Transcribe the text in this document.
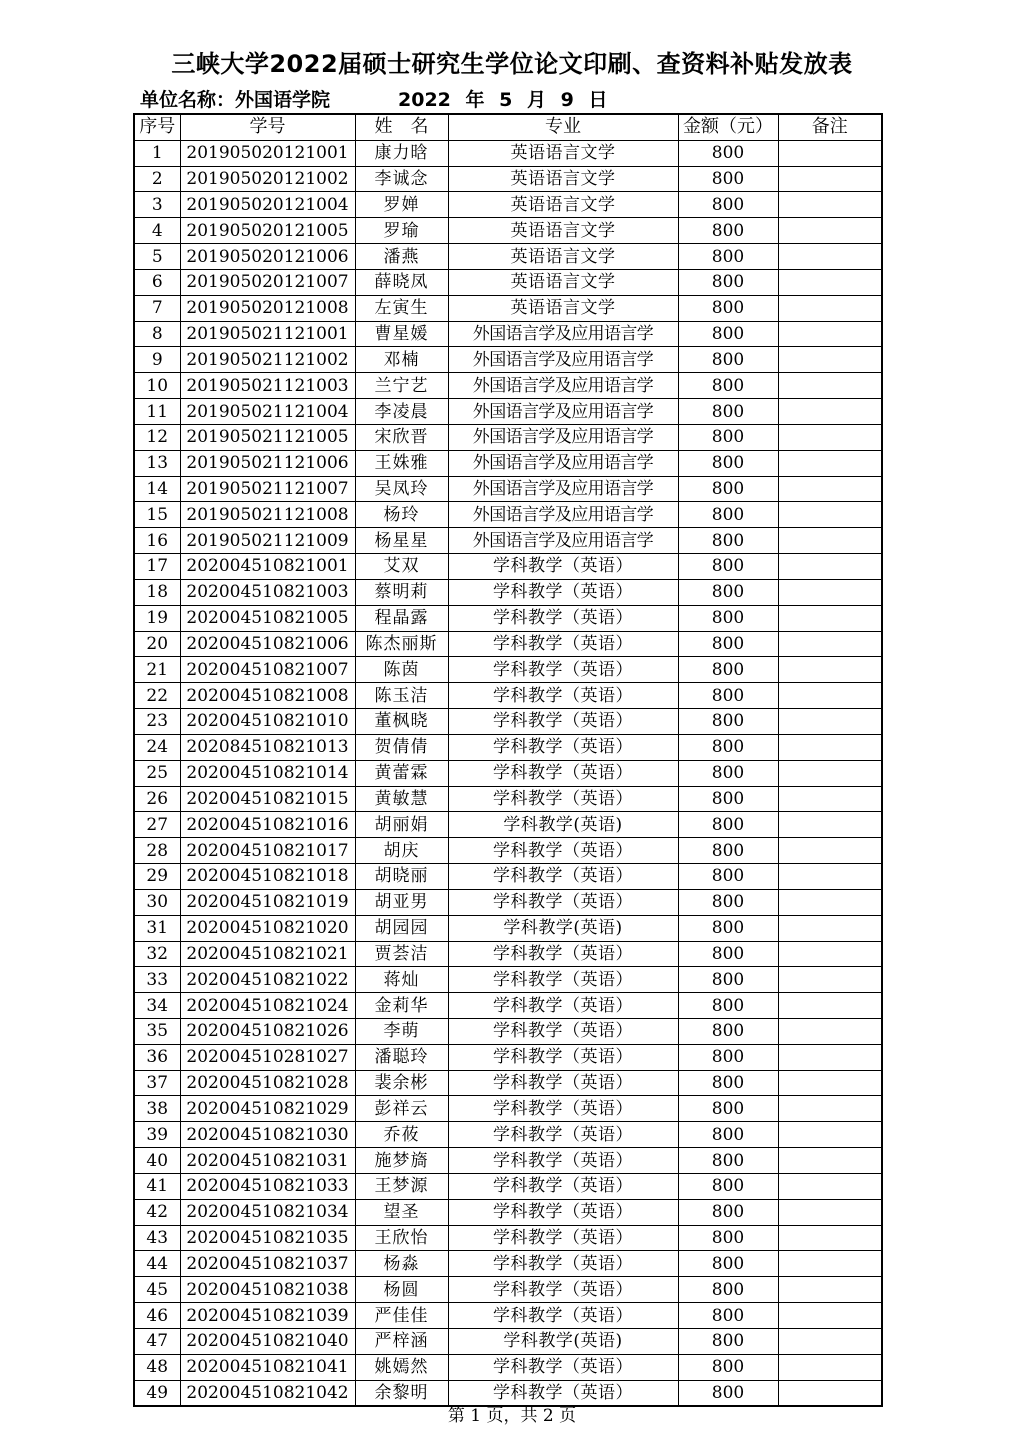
三峡大学2022届硕士研究生学位论文印刷、查资料补贴发放表
单位名称：外国语学院	2022 年 5 月 9 日
序号	学号	姓　名	专业	金额（元）	备注
1	201905020121001	康力晗	英语语言文学	800	
2	201905020121002	李诚念	英语语言文学	800	
3	201905020121004	罗婵	英语语言文学	800	
4	201905020121005	罗瑜	英语语言文学	800	
5	201905020121006	潘燕	英语语言文学	800	
6	201905020121007	薛晓凤	英语语言文学	800	
7	201905020121008	左寅生	英语语言文学	800	
8	201905021121001	曹星媛	外国语言学及应用语言学	800	
9	201905021121002	邓楠	外国语言学及应用语言学	800	
10	201905021121003	兰宁艺	外国语言学及应用语言学	800	
11	201905021121004	李凌晨	外国语言学及应用语言学	800	
12	201905021121005	宋欣晋	外国语言学及应用语言学	800	
13	201905021121006	王姝雅	外国语言学及应用语言学	800	
14	201905021121007	吴凤玲	外国语言学及应用语言学	800	
15	201905021121008	杨玲	外国语言学及应用语言学	800	
16	201905021121009	杨星星	外国语言学及应用语言学	800	
17	202004510821001	艾双	学科教学（英语）	800	
18	202004510821003	蔡明莉	学科教学（英语）	800	
19	202004510821005	程晶露	学科教学（英语）	800	
20	202004510821006	陈杰丽斯	学科教学（英语）	800	
21	202004510821007	陈茵	学科教学（英语）	800	
22	202004510821008	陈玉洁	学科教学（英语）	800	
23	202004510821010	董枫晓	学科教学（英语）	800	
24	202084510821013	贺倩倩	学科教学（英语）	800	
25	202004510821014	黄蕾霖	学科教学（英语）	800	
26	202004510821015	黄敏慧	学科教学（英语）	800	
27	202004510821016	胡丽娟	学科教学(英语)	800	
28	202004510821017	胡庆	学科教学（英语）	800	
29	202004510821018	胡晓丽	学科教学（英语）	800	
30	202004510821019	胡亚男	学科教学（英语）	800	
31	202004510821020	胡园园	学科教学(英语)	800	
32	202004510821021	贾荟洁	学科教学（英语）	800	
33	202004510821022	蒋灿	学科教学（英语）	800	
34	202004510821024	金莉华	学科教学（英语）	800	
35	202004510821026	李萌	学科教学（英语）	800	
36	202004510281027	潘聪玲	学科教学（英语）	800	
37	202004510821028	裴余彬	学科教学（英语）	800	
38	202004510821029	彭祥云	学科教学（英语）	800	
39	202004510821030	乔莜	学科教学（英语）	800	
40	202004510821031	施梦旖	学科教学（英语）	800	
41	202004510821033	王梦源	学科教学（英语）	800	
42	202004510821034	望圣	学科教学（英语）	800	
43	202004510821035	王欣怡	学科教学（英语）	800	
44	202004510821037	杨淼	学科教学（英语）	800	
45	202004510821038	杨圆	学科教学（英语）	800	
46	202004510821039	严佳佳	学科教学（英语）	800	
47	202004510821040	严梓涵	学科教学(英语)	800	
48	202004510821041	姚嫣然	学科教学（英语）	800	
49	202004510821042	余黎明	学科教学（英语）	800	
第 1 页，共 2 页
